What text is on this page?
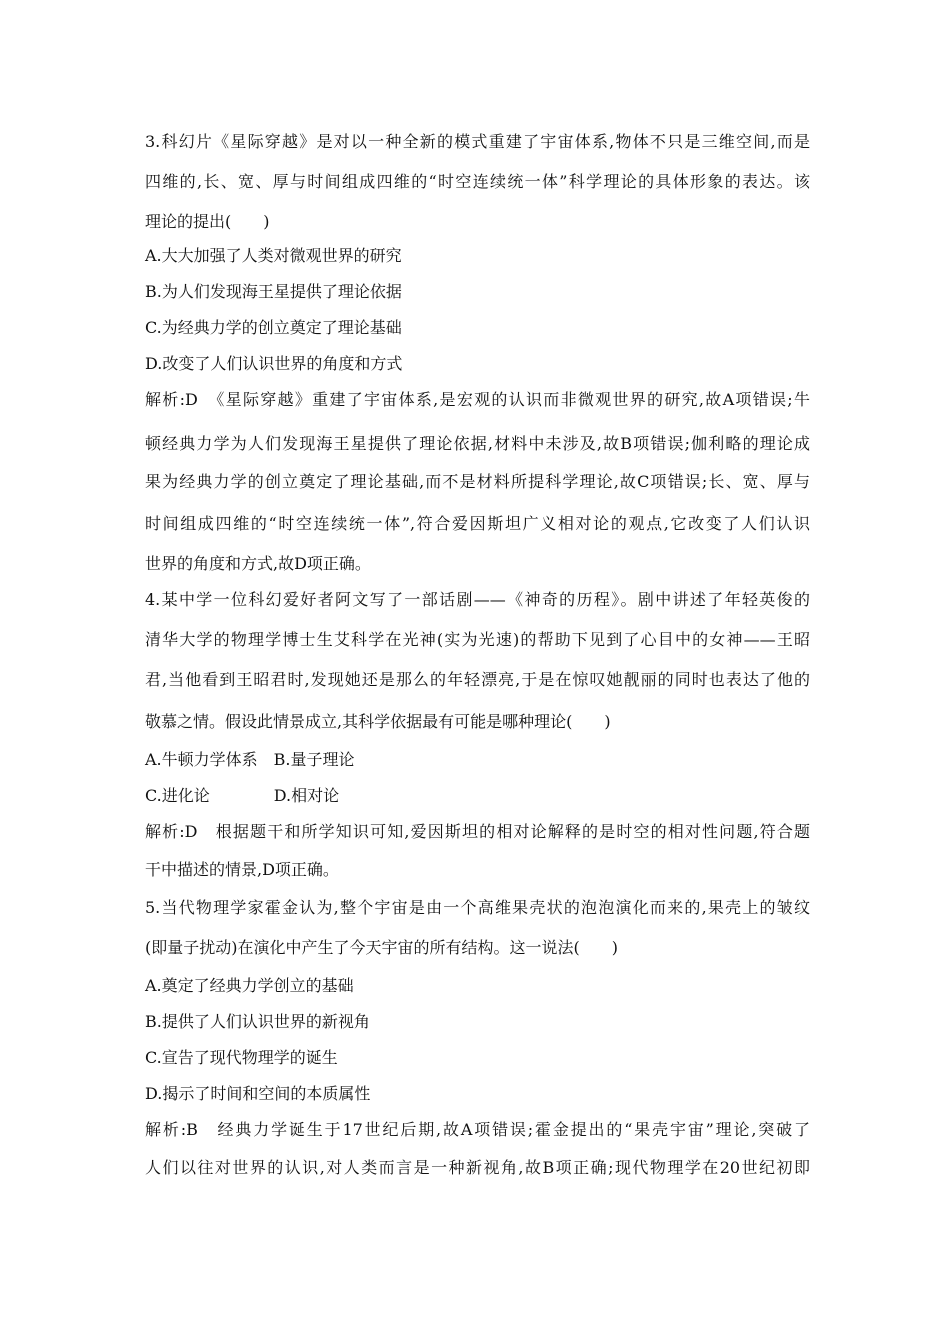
3.科幻片《星际穿越》是对以一种全新的模式重建了宇宙体系,物体不只是三维空间,而是
四维的,长、宽、厚与时间组成四维的“时空连续统一体”科学理论的具体形象的表达。该
理论的提出(　　)
A.大大加强了人类对微观世界的研究
B.为人们发现海王星提供了理论依据
C.为经典力学的创立奠定了理论基础
D.改变了人们认识世界的角度和方式
解析:D　《星际穿越》重建了宇宙体系,是宏观的认识而非微观世界的研究,故A项错误;牛
顿经典力学为人们发现海王星提供了理论依据,材料中未涉及,故B项错误;伽利略的理论成
果为经典力学的创立奠定了理论基础,而不是材料所提科学理论,故C项错误;长、宽、厚与
时间组成四维的“时空连续统一体”,符合爱因斯坦广义相对论的观点,它改变了人们认识
世界的角度和方式,故D项正确。
4.某中学一位科幻爱好者阿文写了一部话剧——《神奇的历程》。剧中讲述了年轻英俊的
清华大学的物理学博士生艾科学在光神(实为光速)的帮助下见到了心目中的女神——王昭
君,当他看到王昭君时,发现她还是那么的年轻漂亮,于是在惊叹她靓丽的同时也表达了他的
敬慕之情。假设此情景成立,其科学依据最有可能是哪种理论(　　)
A.牛顿力学体系　B.量子理论
C.进化论　　　　D.相对论
解析:D　根据题干和所学知识可知,爱因斯坦的相对论解释的是时空的相对性问题,符合题
干中描述的情景,D项正确。
5.当代物理学家霍金认为,整个宇宙是由一个高维果壳状的泡泡演化而来的,果壳上的皱纹
(即量子扰动)在演化中产生了今天宇宙的所有结构。这一说法(　　)
A.奠定了经典力学创立的基础
B.提供了人们认识世界的新视角
C.宣告了现代物理学的诞生
D.揭示了时间和空间的本质属性
解析:B　经典力学诞生于17世纪后期,故A项错误;霍金提出的“果壳宇宙”理论,突破了
人们以往对世界的认识,对人类而言是一种新视角,故B项正确;现代物理学在20世纪初即
